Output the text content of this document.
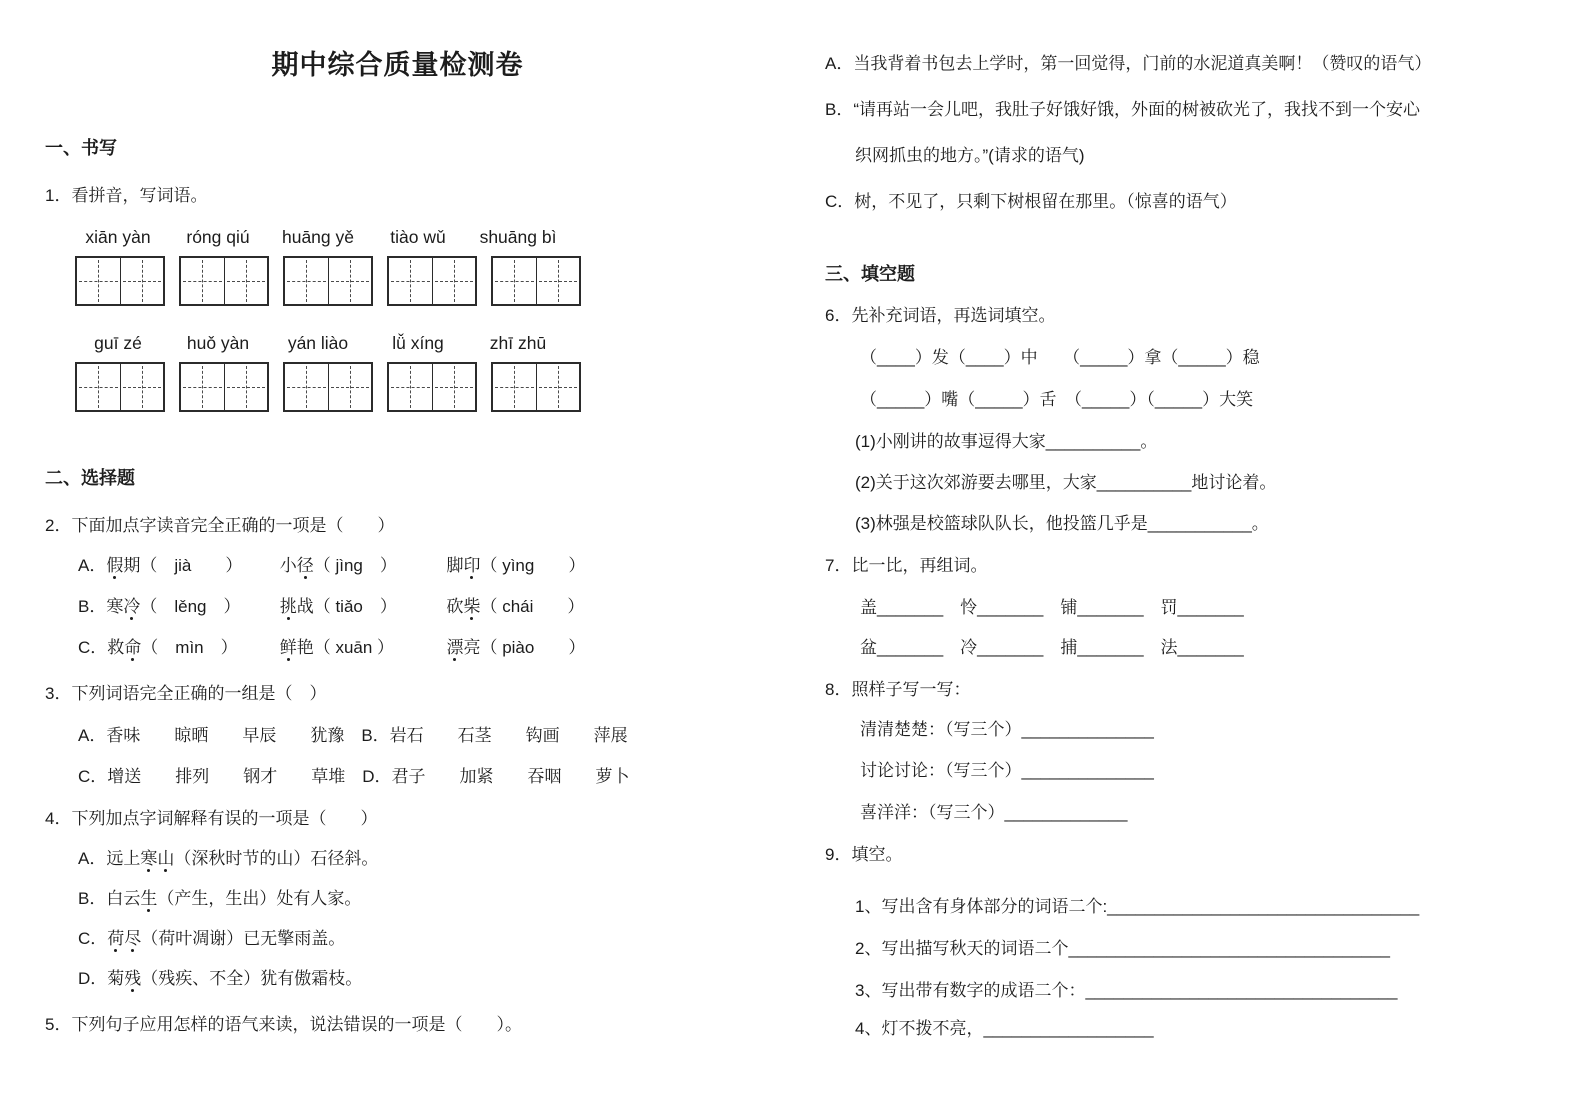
期中综合质量检测卷
一、书写

1．看拼音，写词语。

xiān yàn	róng qiú	huāng yě	tiào wǔ	shuāng bì
guī zé	huǒ yàn	yán liào	lǚ xíng	zhī zhū
二、选择题

2．下面加点字读音完全正确的一项是（　　）

A．假期（　jià　　） 小径（ jìng　）	脚印（ yìng　　）

B．寒冷（　lěng　） 挑战（ tiǎo　）	砍柴（ chái　　）

C．救命（　mìn　） 鲜艳（ xuān ）	漂亮（ piào　　）

3．下列词语完全正确的一组是（　）

A．香味　　晾晒　　早辰　　犹豫　B．岩石　　石茎　　钩画　　萍展

C．增送　　排列　　钢才　　草堆　D．君子　　加紧　　吞咽　　萝卜

4．下列加点字词解释有误的一项是（　　）

A．远上寒山（深秋时节的山）石径斜。

B．白云生（产生，生出）处有人家。

C．荷尽（荷叶凋谢）已无擎雨盖。

D．菊残（残疾、不全）犹有傲霜枝。

5．下列句子应用怎样的语气来读，说法错误的一项是（　　）。

A．当我背着书包去上学时，第一回觉得，门前的水泥道真美啊！（赞叹的语气）

B．“请再站一会儿吧，我肚子好饿好饿，外面的树被砍光了，我找不到一个安心

织网抓虫的地方。”(请求的语气)

C．树，不见了，只剩下树根留在那里。（惊喜的语气）

三、填空题

6．先补充词语，再选词填空。

（____）发（____）中　　（_____）拿（_____）稳

（_____）嘴（_____）舌　（_____）（_____）大笑

(1)小刚讲的故事逗得大家__________。

(2)关于这次郊游要去哪里，大家__________地讨论着。

(3)林强是校篮球队队长，他投篮几乎是___________。

7．比一比，再组词。

盖_______　怜_______　铺_______　罚_______

盆_______　冷_______　捕_______　法_______

8．照样子写一写：

清清楚楚：（写三个）______________

讨论讨论：（写三个）______________

喜洋洋：（写三个）_____________

9．填空。

1、写出含有身体部分的词语二个:_________________________________

2、写出描写秋天的词语二个__________________________________

3、写出带有数字的成语二个：_________________________________

4、灯不拨不亮，__________________
